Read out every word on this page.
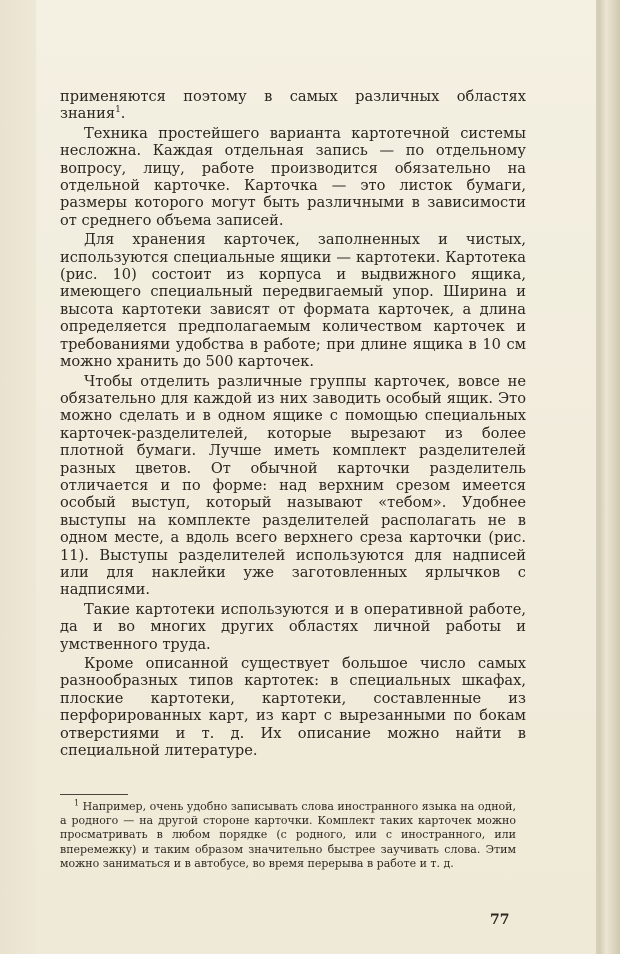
применяются поэтому в самых различных областях знания$^1$.

Техника простейшего варианта картотечной системы несложна. Каждая отдельная запись — по отдельному вопросу, лицу, работе производится обязательно на отдельной карточке. Карточка — это листок бумаги, размеры которого могут быть различными в зависимости от среднего объема записей.

Для хранения карточек, заполненных и чистых, используются специальные ящики — картотеки. Картотека (рис. 10) состоит из корпуса и выдвижного ящика, имеющего специальный передвигаемый упор. Ширина и высота картотеки зависят от формата карточек, а длина определяется предполагаемым количеством карточек и требованиями удобства в работе; при длине ящика в 10 см можно хранить до 500 карточек.

Чтобы отделить различные группы карточек, вовсе не обязательно для каждой из них заводить особый ящик. Это можно сделать и в одном ящике с помощью специальных карточек-разделителей, которые вырезают из более плотной бумаги. Лучше иметь комплект разделителей разных цветов. От обычной карточки разделитель отличается и по форме: над верхним срезом имеется особый выступ, который называют «тебом». Удобнее выступы на комплекте разделителей располагать не в одном месте, а вдоль всего верхнего среза карточки (рис. 11). Выступы разделителей используются для надписей или для наклейки уже заготовленных ярлычков с надписями.

Такие картотеки используются и в оперативной работе, да и во многих других областях личной работы и умственного труда.

Кроме описанной существует большое число самых разнообразных типов картотек: в специальных шкафах, плоские картотеки, картотеки, составленные из перфорированных карт, из карт с вырезанными по бокам отверстиями и т. д. Их описание можно найти в специальной литературе.

$^1$ Например, очень удобно записывать слова иностранного языка на одной, а родного — на другой стороне карточки. Комплект таких карточек можно просматривать в любом порядке (с родного, или с иностранного, или вперемежку) и таким образом значительно быстрее заучивать слова. Этим можно заниматься и в автобусе, во время перерыва в работе и т. д.

77
